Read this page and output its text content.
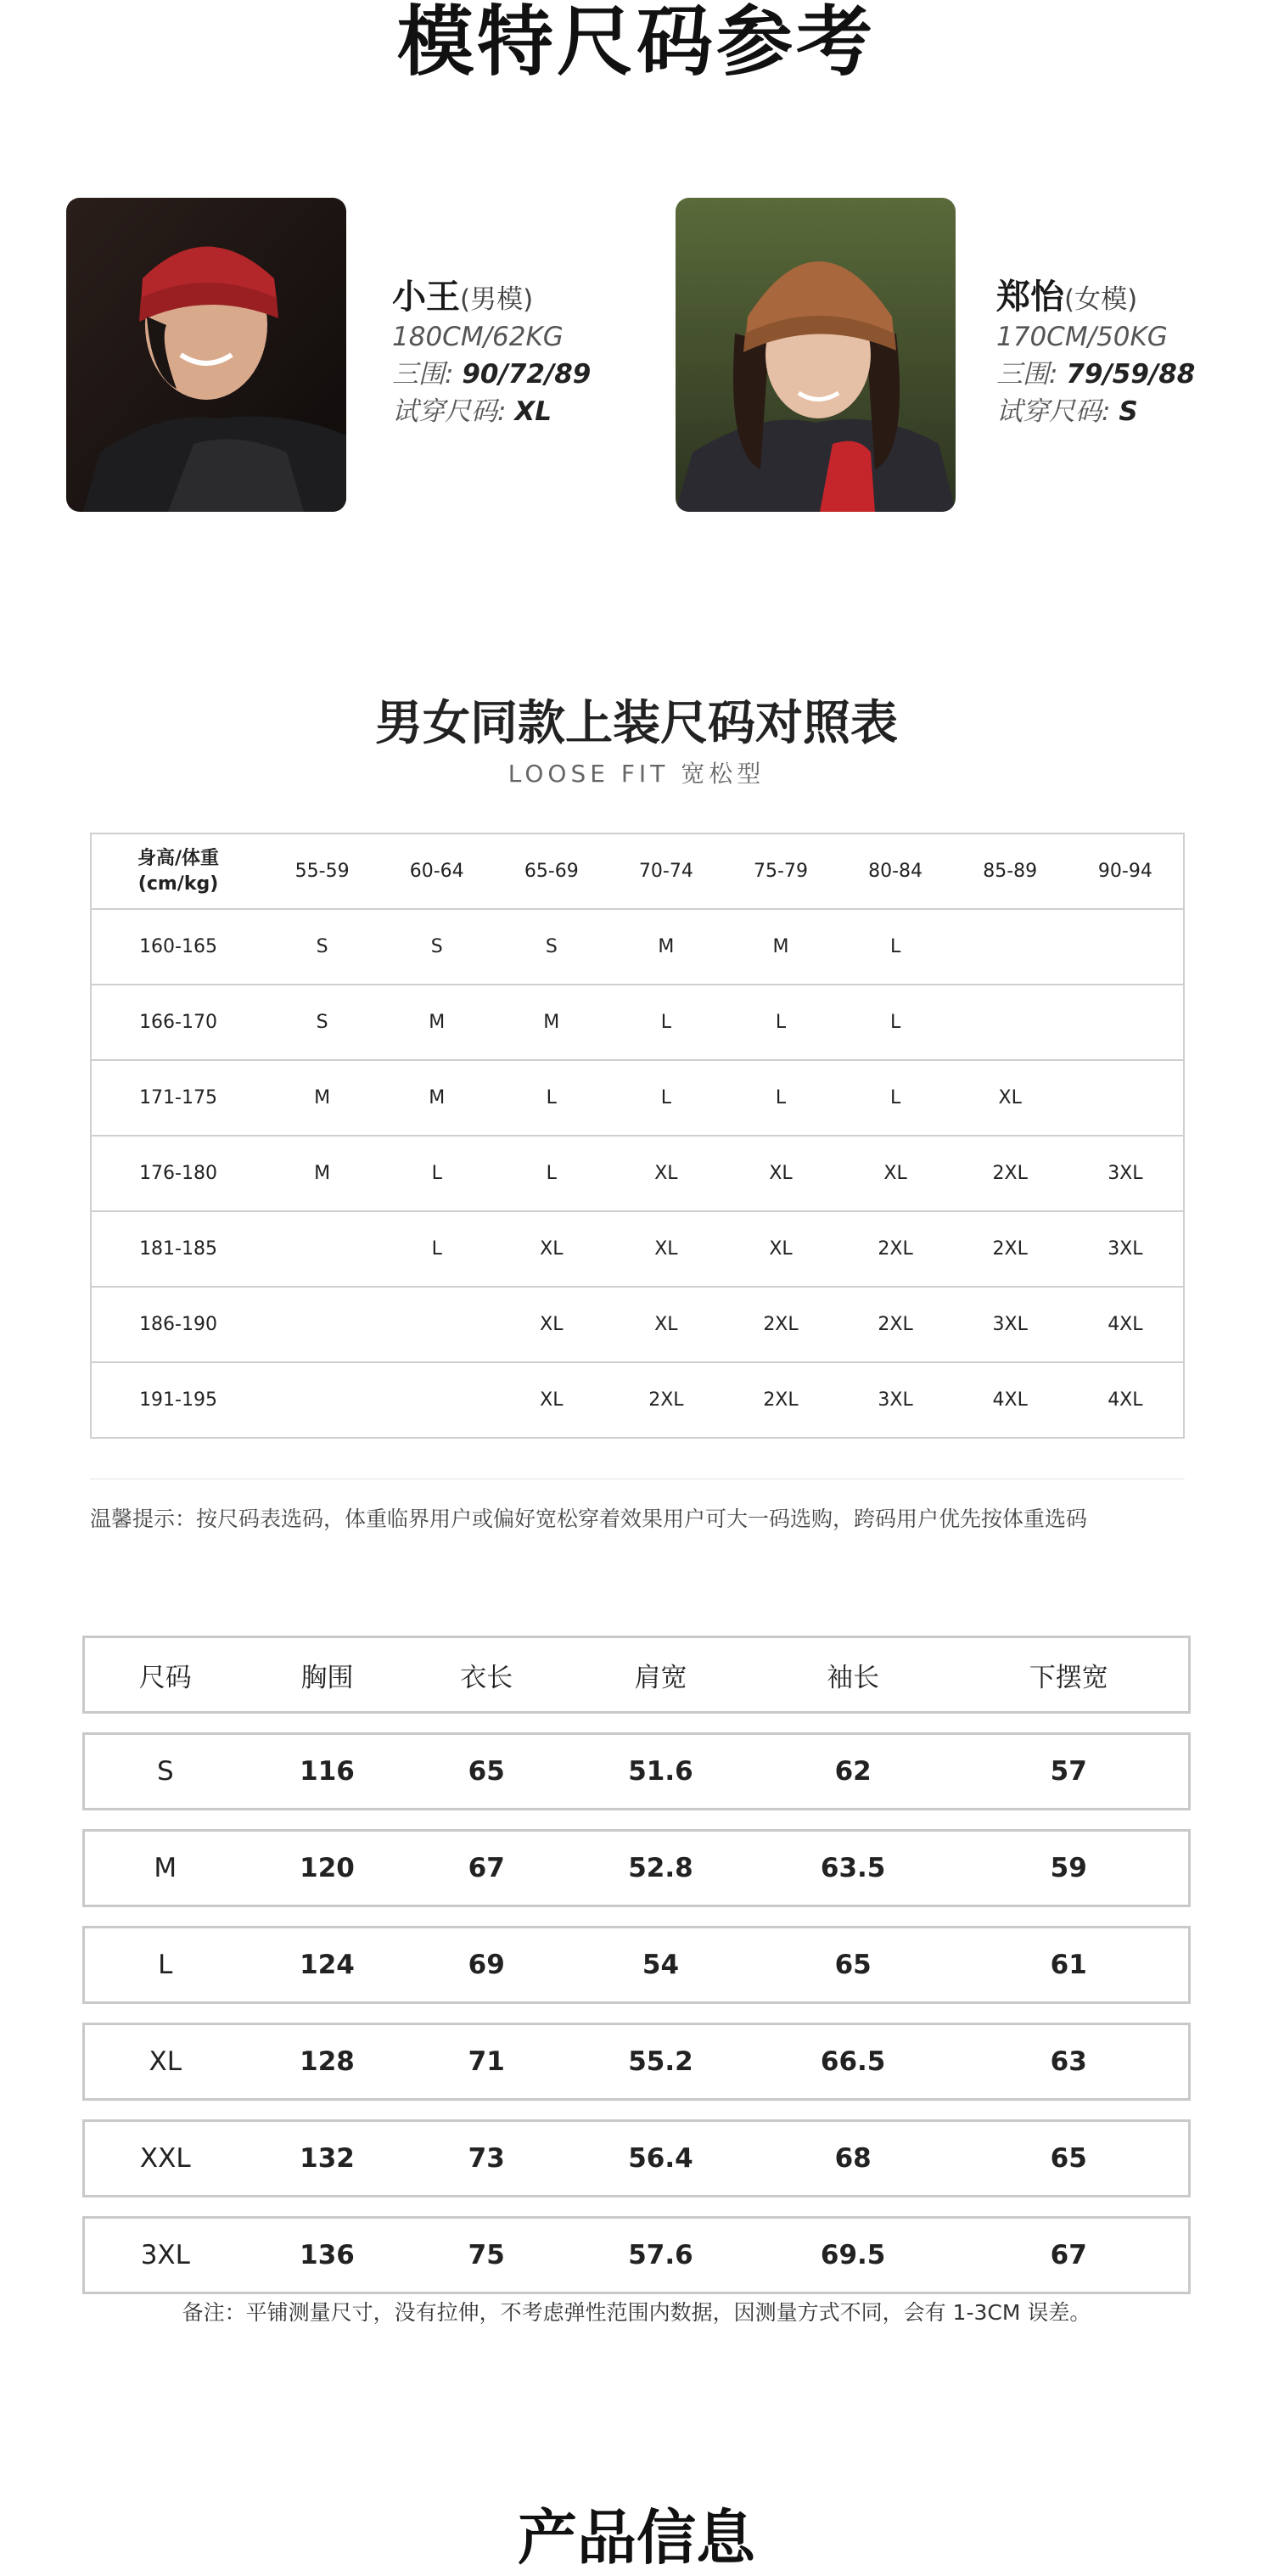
模特尺码参考
小王(男模)
180CM/62KG
三围: 90/72/89
试穿尺码: XL
郑怡(女模)
170CM/50KG
三围: 79/59/88
试穿尺码: S
男女同款上装尺码对照表
LOOSE FIT 宽松型
身高/体重
(cm/kg)	55-59	60-64	65-69	70-74	75-79	80-84	85-89	90-94
160-165	S	S	S	M	M	L		
166-170	S	M	M	L	L	L		
171-175	M	M	L	L	L	L	XL	
176-180	M	L	L	XL	XL	XL	2XL	3XL
181-185		L	XL	XL	XL	2XL	2XL	3XL
186-190			XL	XL	2XL	2XL	3XL	4XL
191-195			XL	2XL	2XL	3XL	4XL	4XL
温馨提示：按尺码表选码，体重临界用户或偏好宽松穿着效果用户可大一码选购，跨码用户优先按体重选码
尺码	胸围	衣长	肩宽	袖长	下摆宽
S	116	65	51.6	62	57
M	120	67	52.8	63.5	59
L	124	69	54	65	61
XL	128	71	55.2	66.5	63
XXL	132	73	56.4	68	65
3XL	136	75	57.6	69.5	67
备注：平铺测量尺寸，没有拉伸，不考虑弹性范围内数据，因测量方式不同，会有 1-3CM 误差。
产品信息
